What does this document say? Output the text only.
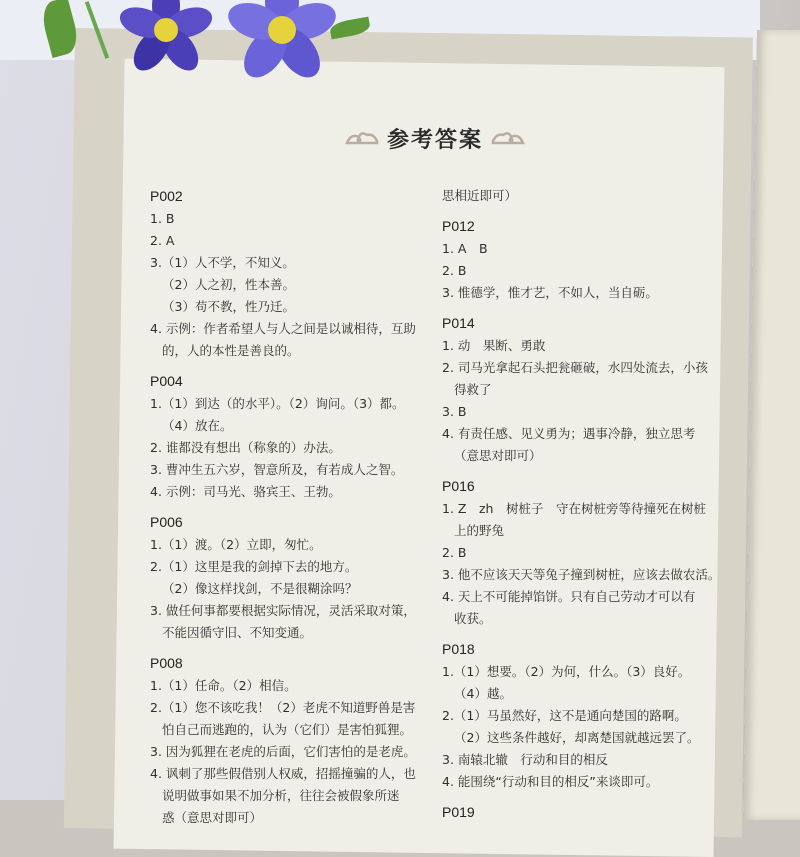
参考答案
P002
1. B
2. A
3.（1）人不学，不知义。
（2）人之初，性本善。
（3）苟不教，性乃迁。
4. 示例：作者希望人与人之间是以诚相待，互助
的，人的本性是善良的。
P004
1.（1）到达（的水平）。（2）询问。（3）都。
（4）放在。
2. 谁都没有想出（称象的）办法。
3. 曹冲生五六岁，智意所及，有若成人之智。
4. 示例：司马光、骆宾王、王勃。
P006
1.（1）渡。（2）立即，匆忙。
2.（1）这里是我的剑掉下去的地方。
（2）像这样找剑，不是很糊涂吗？
3. 做任何事都要根据实际情况，灵活采取对策，
不能因循守旧、不知变通。
P008
1.（1）任命。（2）相信。
2.（1）您不该吃我！（2）老虎不知道野兽是害
怕自己而逃跑的，认为（它们）是害怕狐狸。
3. 因为狐狸在老虎的后面，它们害怕的是老虎。
4. 讽刺了那些假借别人权威，招摇撞骗的人，也
说明做事如果不加分析，往往会被假象所迷
惑（意思对即可）
思相近即可）
P012
1. A　B
2. B
3. 惟德学，惟才艺，不如人，当自砺。
P014
1. 动　果断、勇敢
2. 司马光拿起石头把瓮砸破，水四处流去，小孩
得救了
3. B
4. 有责任感、见义勇为；遇事冷静，独立思考
（意思对即可）
P016
1. Z　zh　树桩子　守在树桩旁等待撞死在树桩
上的野兔
2. B
3. 他不应该天天等兔子撞到树桩，应该去做农活。
4. 天上不可能掉馅饼。只有自己劳动才可以有
收获。
P018
1.（1）想要。（2）为何，什么。（3）良好。
（4）越。
2.（1）马虽然好，这不是通向楚国的路啊。
（2）这些条件越好，却离楚国就越远罢了。
3. 南辕北辙　行动和目的相反
4. 能围绕“行动和目的相反”来谈即可。
P019
